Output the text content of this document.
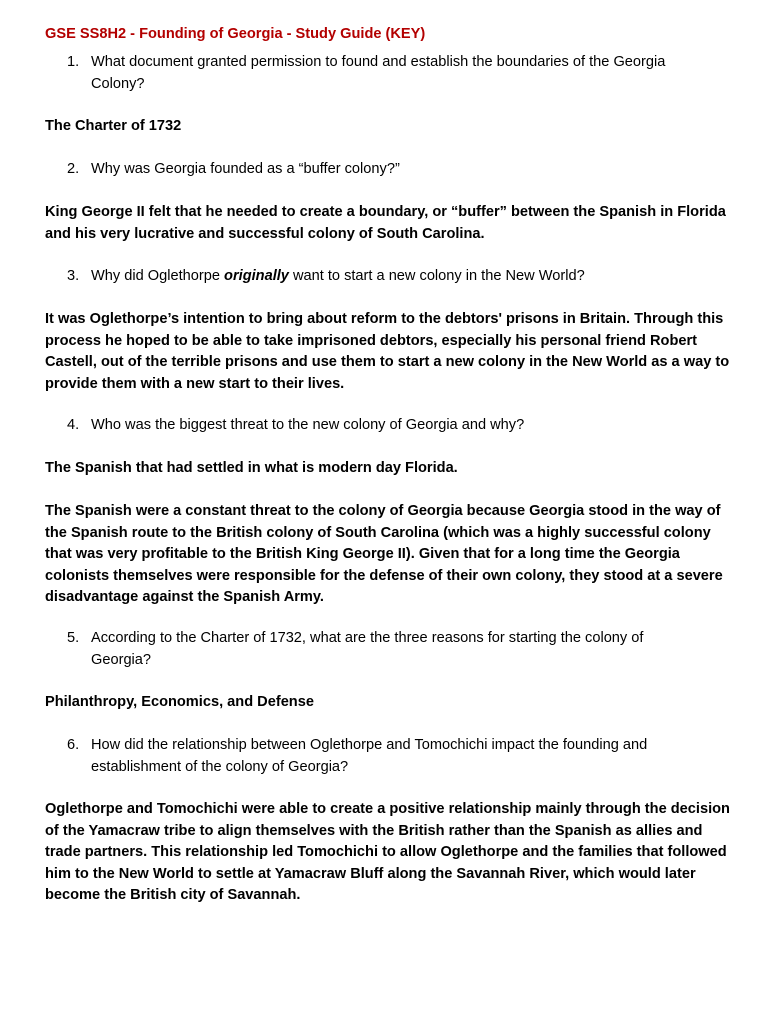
GSE SS8H2 - Founding of Georgia - Study Guide (KEY)
1. What document granted permission to found and establish the boundaries of the Georgia Colony?
The Charter of 1732
2. Why was Georgia founded as a “buffer colony?”
King George II felt that he needed to create a boundary, or “buffer” between the Spanish in Florida and his very lucrative and successful colony of South Carolina.
3. Why did Oglethorpe originally want to start a new colony in the New World?
It was Oglethorpe’s intention to bring about reform to the debtors' prisons in Britain. Through this process he hoped to be able to take imprisoned debtors, especially his personal friend Robert Castell, out of the terrible prisons and use them to start a new colony in the New World as a way to provide them with a new start to their lives.
4. Who was the biggest threat to the new colony of Georgia and why?
The Spanish that had settled in what is modern day Florida.
The Spanish were a constant threat to the colony of Georgia because Georgia stood in the way of the Spanish route to the British colony of South Carolina (which was a highly successful colony that was very profitable to the British King George II). Given that for a long time the Georgia colonists themselves were responsible for the defense of their own colony, they stood at a severe disadvantage against the Spanish Army.
5. According to the Charter of 1732, what are the three reasons for starting the colony of Georgia?
Philanthropy, Economics, and Defense
6. How did the relationship between Oglethorpe and Tomochichi impact the founding and establishment of the colony of Georgia?
Oglethorpe and Tomochichi were able to create a positive relationship mainly through the decision of the Yamacraw tribe to align themselves with the British rather than the Spanish as allies and trade partners. This relationship led Tomochichi to allow Oglethorpe and the families that followed him to the New World to settle at Yamacraw Bluff along the Savannah River, which would later become the British city of Savannah.
